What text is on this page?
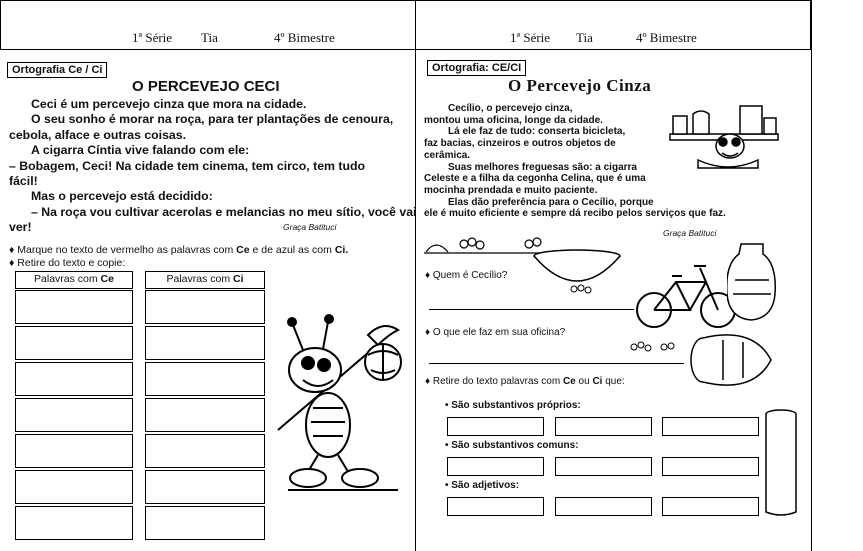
1ª Série Tia	4º Bimestre	1ª Série Tia	4º Bimestre
Ortografia Ce / Ci
O PERCEVEJO CECI
Ceci é um percevejo cinza que mora na cidade.
O seu sonho é morar na roça, para ter plantações de cenoura,
cebola, alface e outras coisas.
A cigarra Cíntia vive falando com ele:
– Bobagem, Ceci! Na cidade tem cinema, tem circo, tem tudo
fácil!
Mas o percevejo está decidido:
– Na roça vou cultivar acerolas e melancias no meu sítio, você vai
ver!	Graça Batituci
♦ Marque no texto de vermelho as palavras com Ce e de azul as com Ci.
♦ Retire do texto e copie:
Palavras com Ce	Palavras com Ci
Ortografia: CE/CI
O Percevejo Cinza
Cecílio, o percevejo cinza,
montou uma oficina, longe da cidade.
Lá ele faz de tudo: conserta bicicleta,
faz bacias, cinzeiros e outros objetos de
cerâmica.
Suas melhores freguesas são: a cigarra
Celeste e a filha da cegonha Celina, que é uma
mocinha prendada e muito paciente.
Elas dão preferência para o Cecílio, porque
ele é muito eficiente e sempre dá recibo pelos serviços que faz.
Graça Batituci
♦ Quem é Cecílio?
♦ O que ele faz em sua oficina?
♦ Retire do texto palavras com Ce ou Ci que:
• São substantivos próprios:
• São substantivos comuns:
• São adjetivos:
